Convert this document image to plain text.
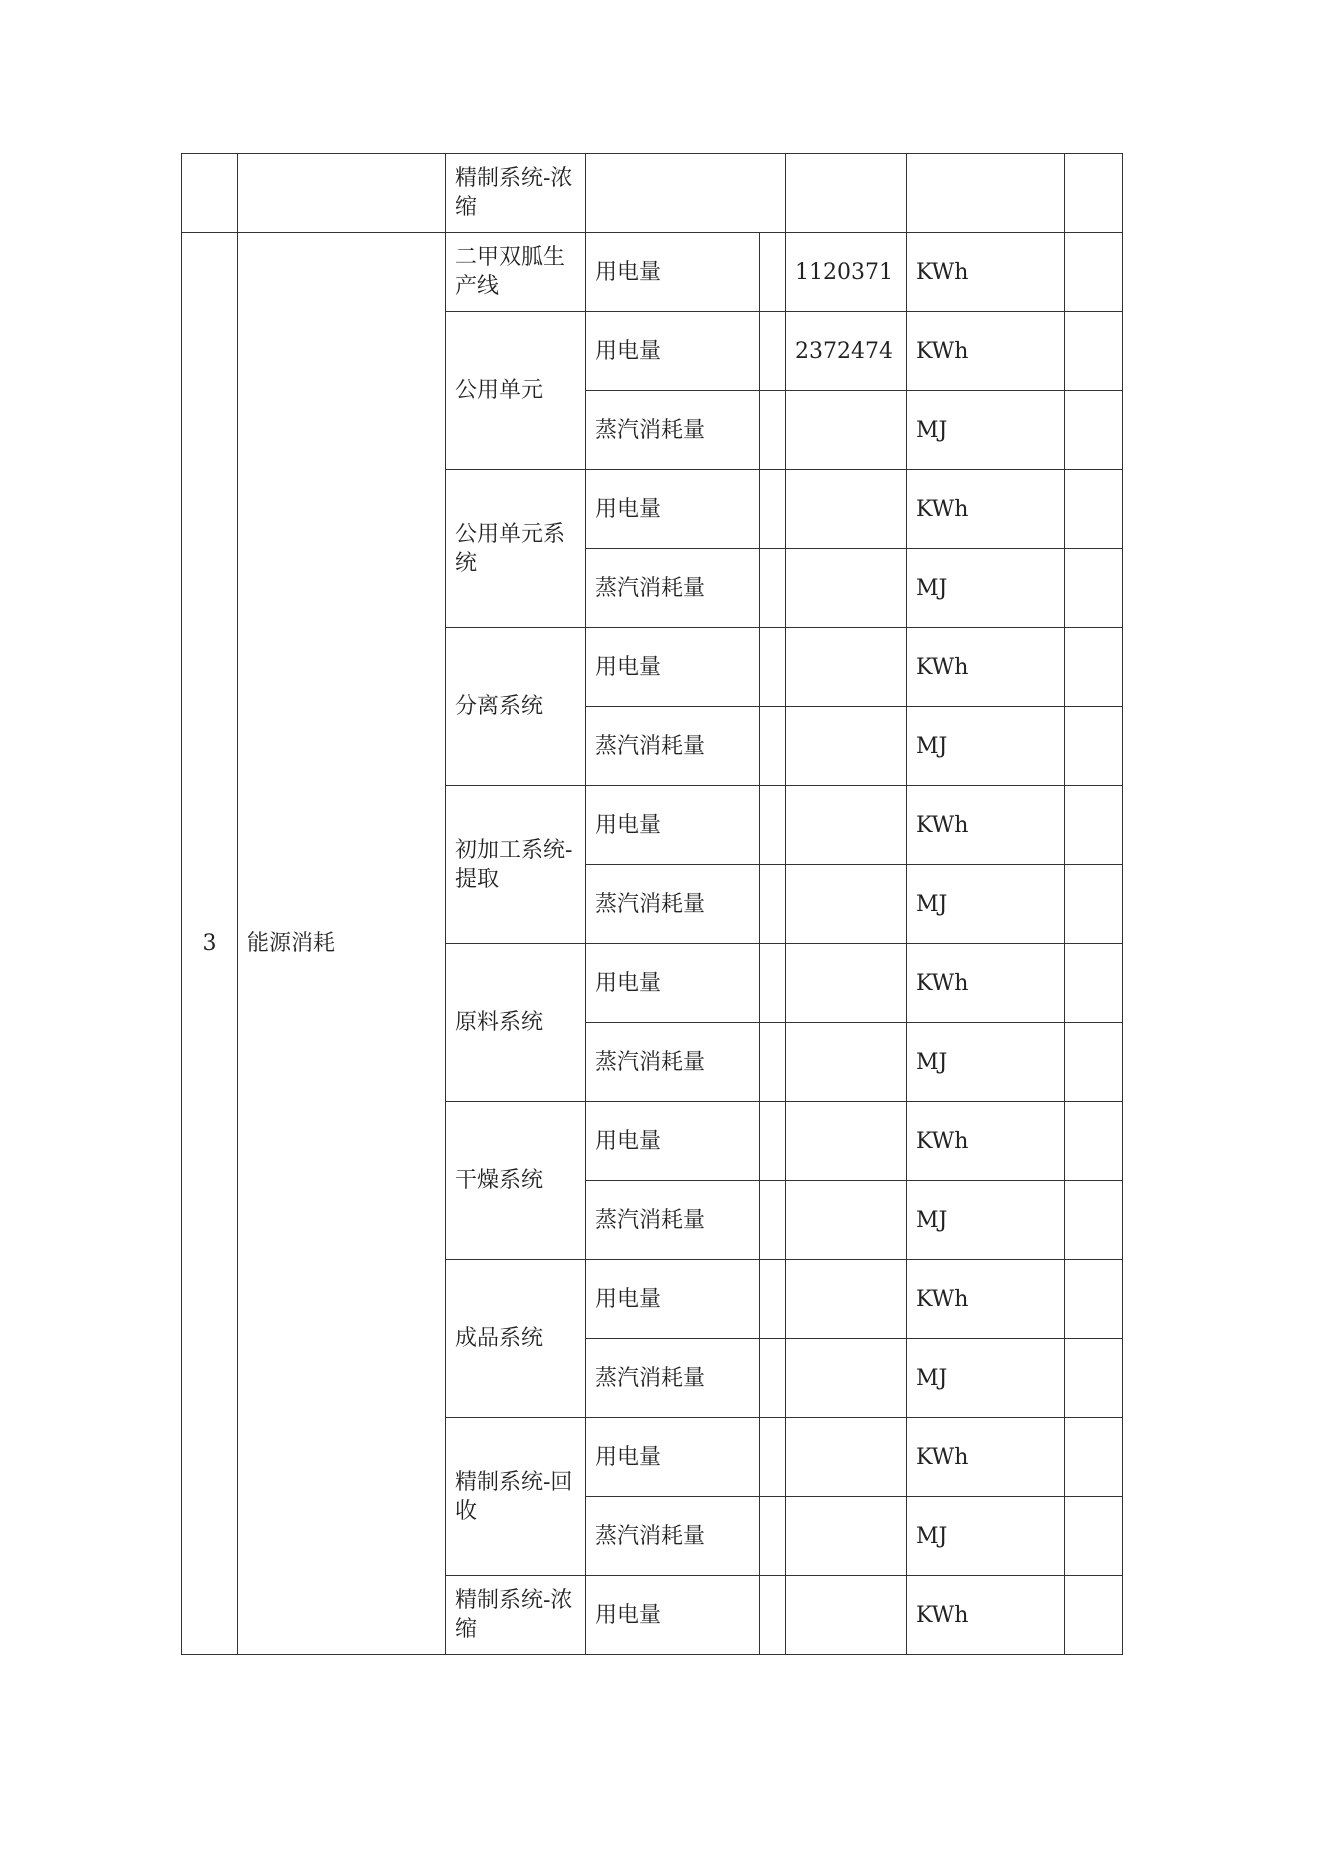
		精制系统-浓缩					
3	能源消耗	二甲双胍生产线	用电量		1120371	KWh	
		公用单元	用电量		2372474	KWh	
			蒸汽消耗量			MJ	
		公用单元系统	用电量			KWh	
			蒸汽消耗量			MJ	
		分离系统	用电量			KWh	
			蒸汽消耗量			MJ	
		初加工系统-提取	用电量			KWh	
			蒸汽消耗量			MJ	
		原料系统	用电量			KWh	
			蒸汽消耗量			MJ	
		干燥系统	用电量			KWh	
			蒸汽消耗量			MJ	
		成品系统	用电量			KWh	
			蒸汽消耗量			MJ	
		精制系统-回收	用电量			KWh	
			蒸汽消耗量			MJ	
		精制系统-浓缩	用电量			KWh	
